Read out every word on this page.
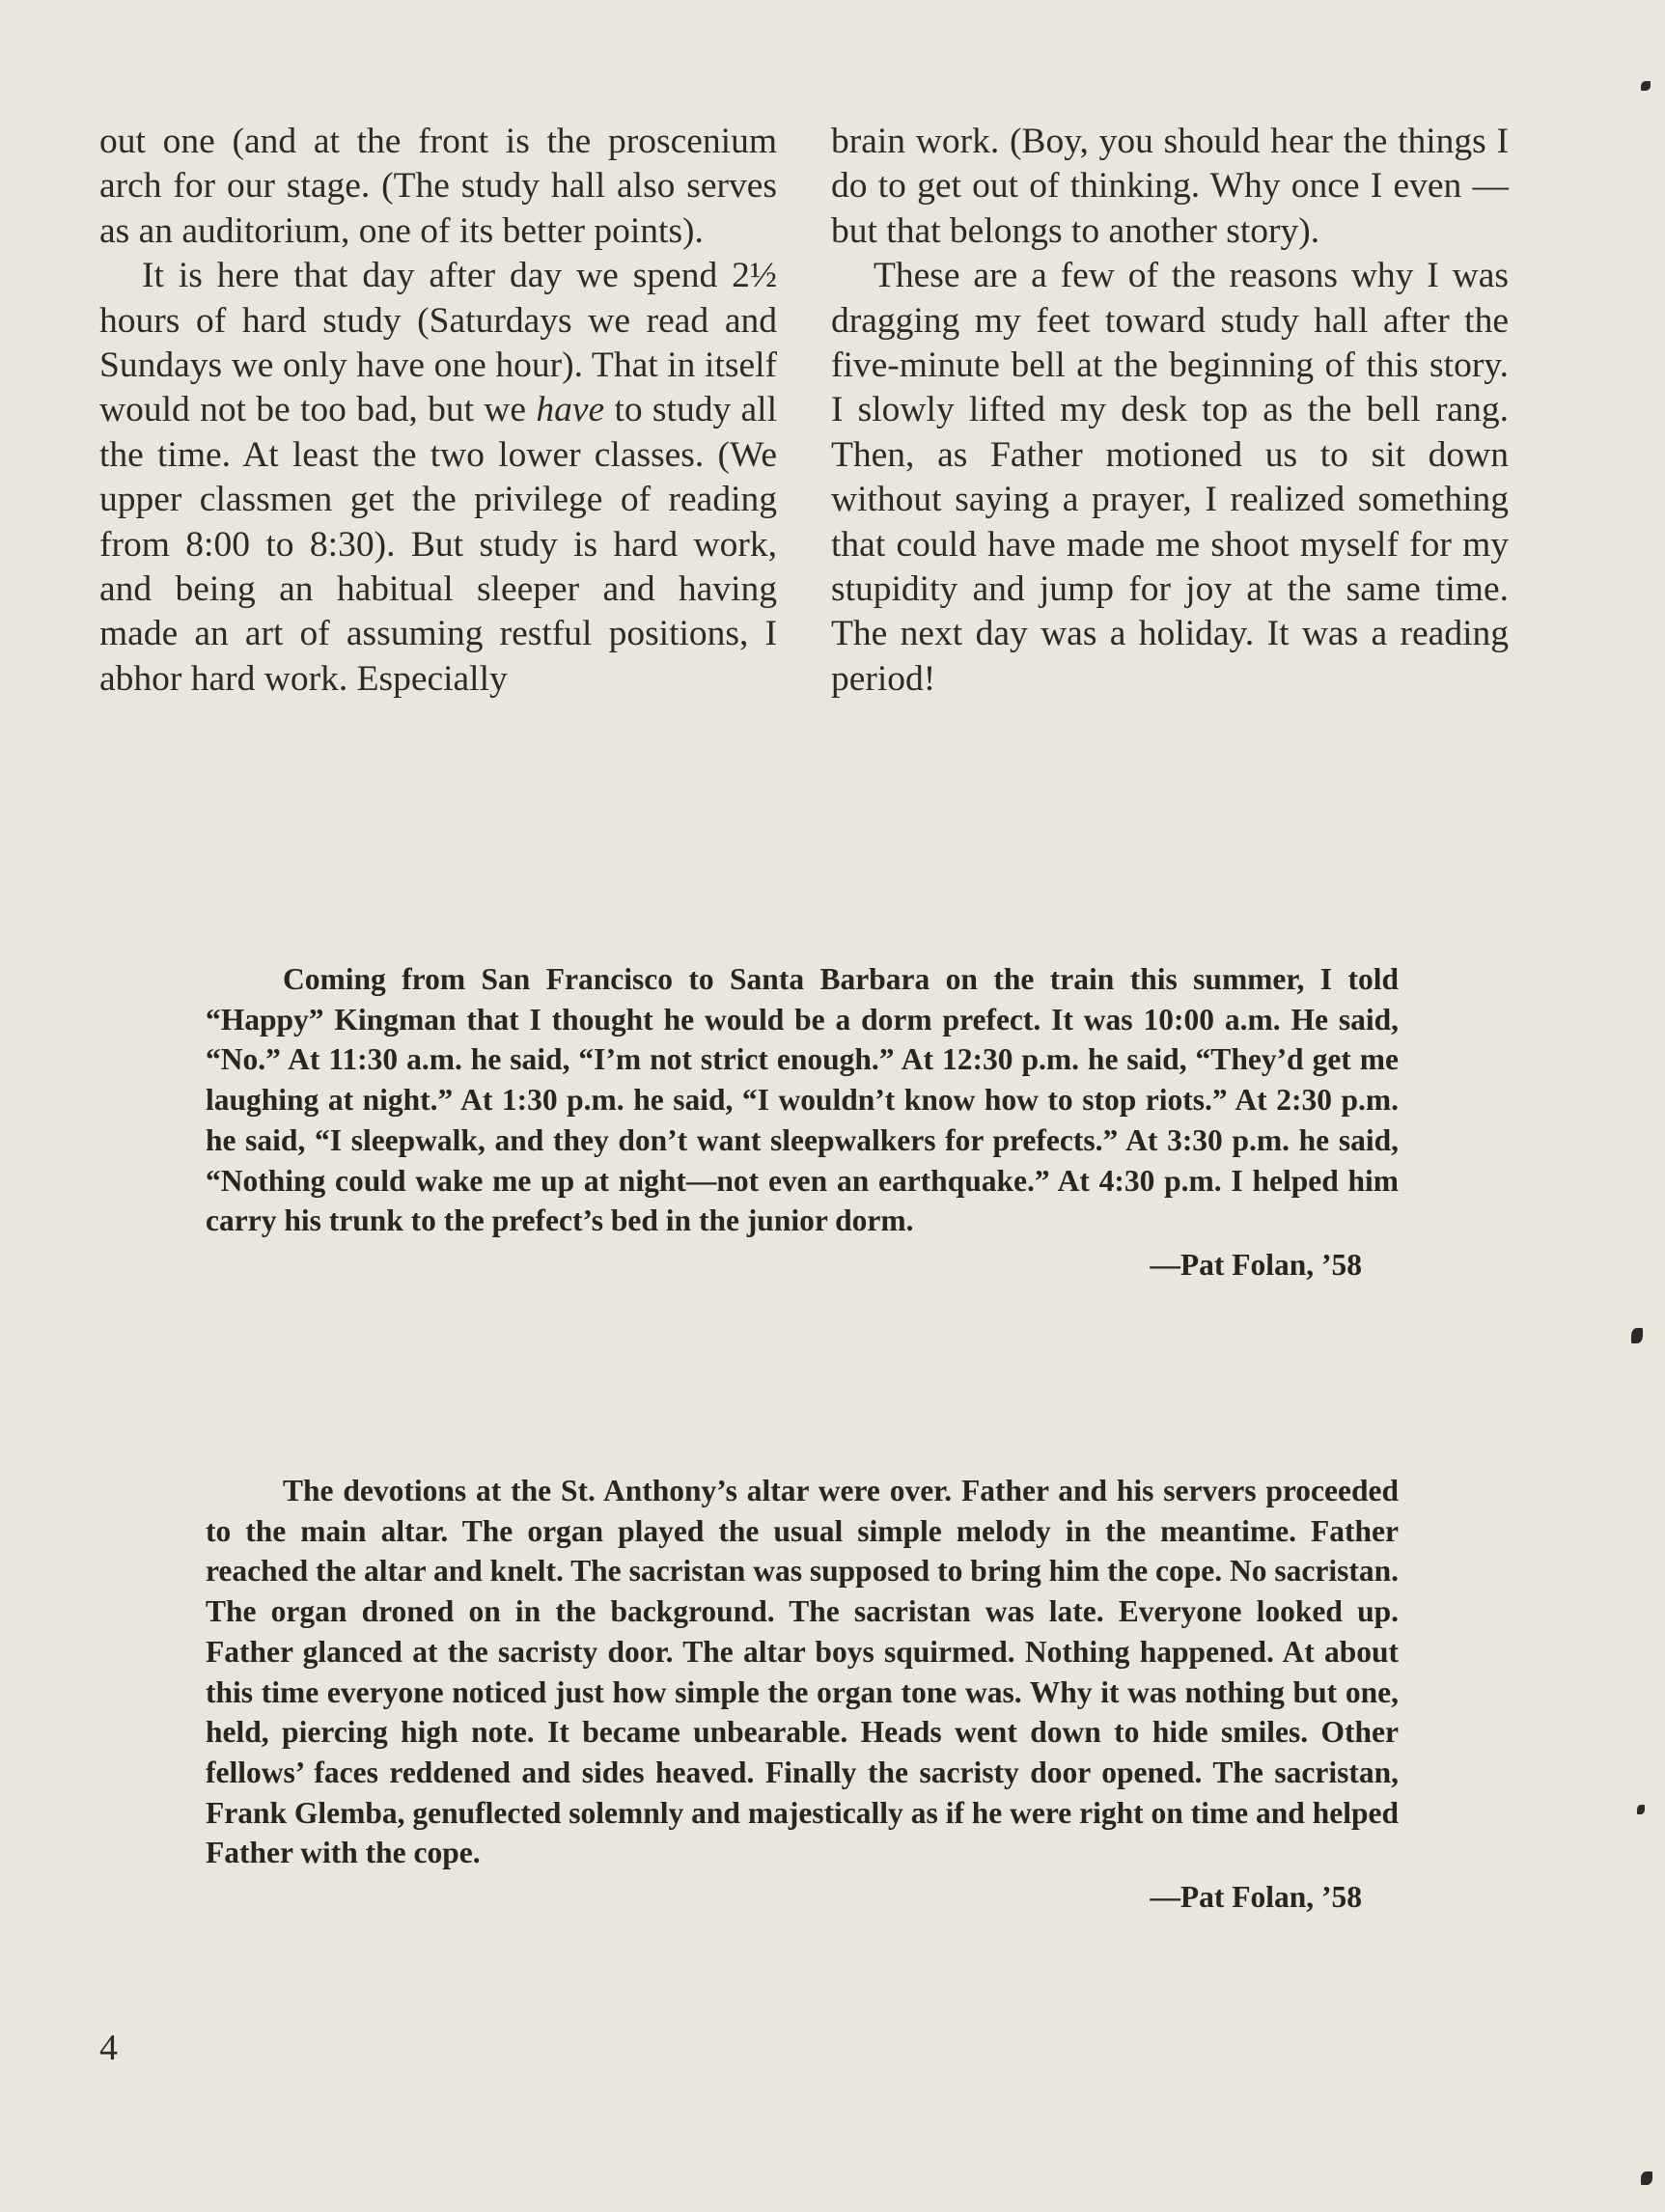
out one (and at the front is the proscenium arch for our stage. (The study hall also serves as an auditorium, one of its better points).

It is here that day after day we spend 2½ hours of hard study (Saturdays we read and Sundays we only have one hour). That in itself would not be too bad, but we have to study all the time. At least the two lower classes. (We upper classmen get the privilege of reading from 8:00 to 8:30). But study is hard work, and being an habitual sleeper and having made an art of assuming restful positions, I abhor hard work. Especially

brain work. (Boy, you should hear the things I do to get out of thinking. Why once I even — but that belongs to another story).

These are a few of the reasons why I was dragging my feet toward study hall after the five-minute bell at the beginning of this story. I slowly lifted my desk top as the bell rang. Then, as Father motioned us to sit down without saying a prayer, I realized something that could have made me shoot myself for my stupidity and jump for joy at the same time. The next day was a holiday. It was a reading period!

Coming from San Francisco to Santa Barbara on the train this summer, I told “Happy” Kingman that I thought he would be a dorm prefect. It was 10:00 a.m. He said, “No.” At 11:30 a.m. he said, “I’m not strict enough.” At 12:30 p.m. he said, “They’d get me laughing at night.” At 1:30 p.m. he said, “I wouldn’t know how to stop riots.” At 2:30 p.m. he said, “I sleepwalk, and they don’t want sleepwalkers for prefects.” At 3:30 p.m. he said, “Nothing could wake me up at night—not even an earthquake.” At 4:30 p.m. I helped him carry his trunk to the prefect’s bed in the junior dorm.

—Pat Folan, ’58

The devotions at the St. Anthony’s altar were over. Father and his servers proceeded to the main altar. The organ played the usual simple melody in the meantime. Father reached the altar and knelt. The sacristan was supposed to bring him the cope. No sacristan. The organ droned on in the background. The sacristan was late. Everyone looked up. Father glanced at the sacristy door. The altar boys squirmed. Nothing happened. At about this time everyone noticed just how simple the organ tone was. Why it was nothing but one, held, piercing high note. It became unbearable. Heads went down to hide smiles. Other fellows’ faces reddened and sides heaved. Finally the sacristy door opened. The sacristan, Frank Glemba, genuflected solemnly and majestically as if he were right on time and helped Father with the cope.

—Pat Folan, ’58
4
